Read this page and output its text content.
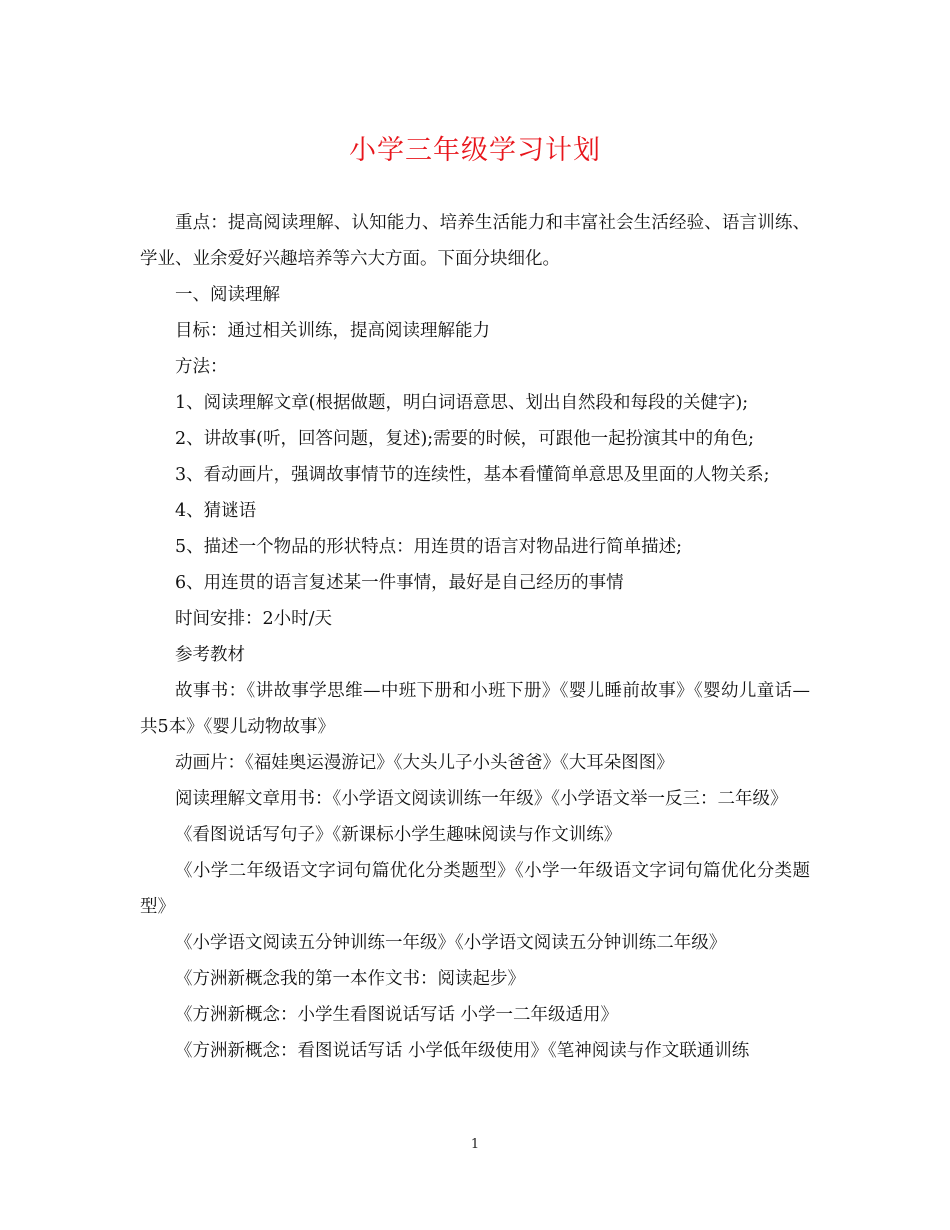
小学三年级学习计划

重点：提高阅读理解、认知能力、培养生活能力和丰富社会生活经验、语言训练、学业、业余爱好兴趣培养等六大方面。下面分块细化。

一、阅读理解

目标：通过相关训练，提高阅读理解能力

方法：

1、阅读理解文章(根据做题，明白词语意思、划出自然段和每段的关健字);

2、讲故事(听，回答问题，复述);需要的时候，可跟他一起扮演其中的角色;

3、看动画片，强调故事情节的连续性，基本看懂简单意思及里面的人物关系;

4、猜谜语

5、描述一个物品的形状特点：用连贯的语言对物品进行简单描述;

6、用连贯的语言复述某一件事情，最好是自己经历的事情

时间安排：2小时/天

参考教材

故事书：《讲故事学思维—中班下册和小班下册》《婴儿睡前故事》《婴幼儿童话—共5本》《婴儿动物故事》

动画片：《福娃奥运漫游记》《大头儿子小头爸爸》《大耳朵图图》

阅读理解文章用书：《小学语文阅读训练一年级》《小学语文举一反三：二年级》

《看图说话写句子》《新课标小学生趣味阅读与作文训练》

《小学二年级语文字词句篇优化分类题型》《小学一年级语文字词句篇优化分类题型》

《小学语文阅读五分钟训练一年级》《小学语文阅读五分钟训练二年级》

《方洲新概念我的第一本作文书：阅读起步》

《方洲新概念：小学生看图说话写话 小学一二年级适用》

《方洲新概念：看图说话写话 小学低年级使用》《笔神阅读与作文联通训练

1
